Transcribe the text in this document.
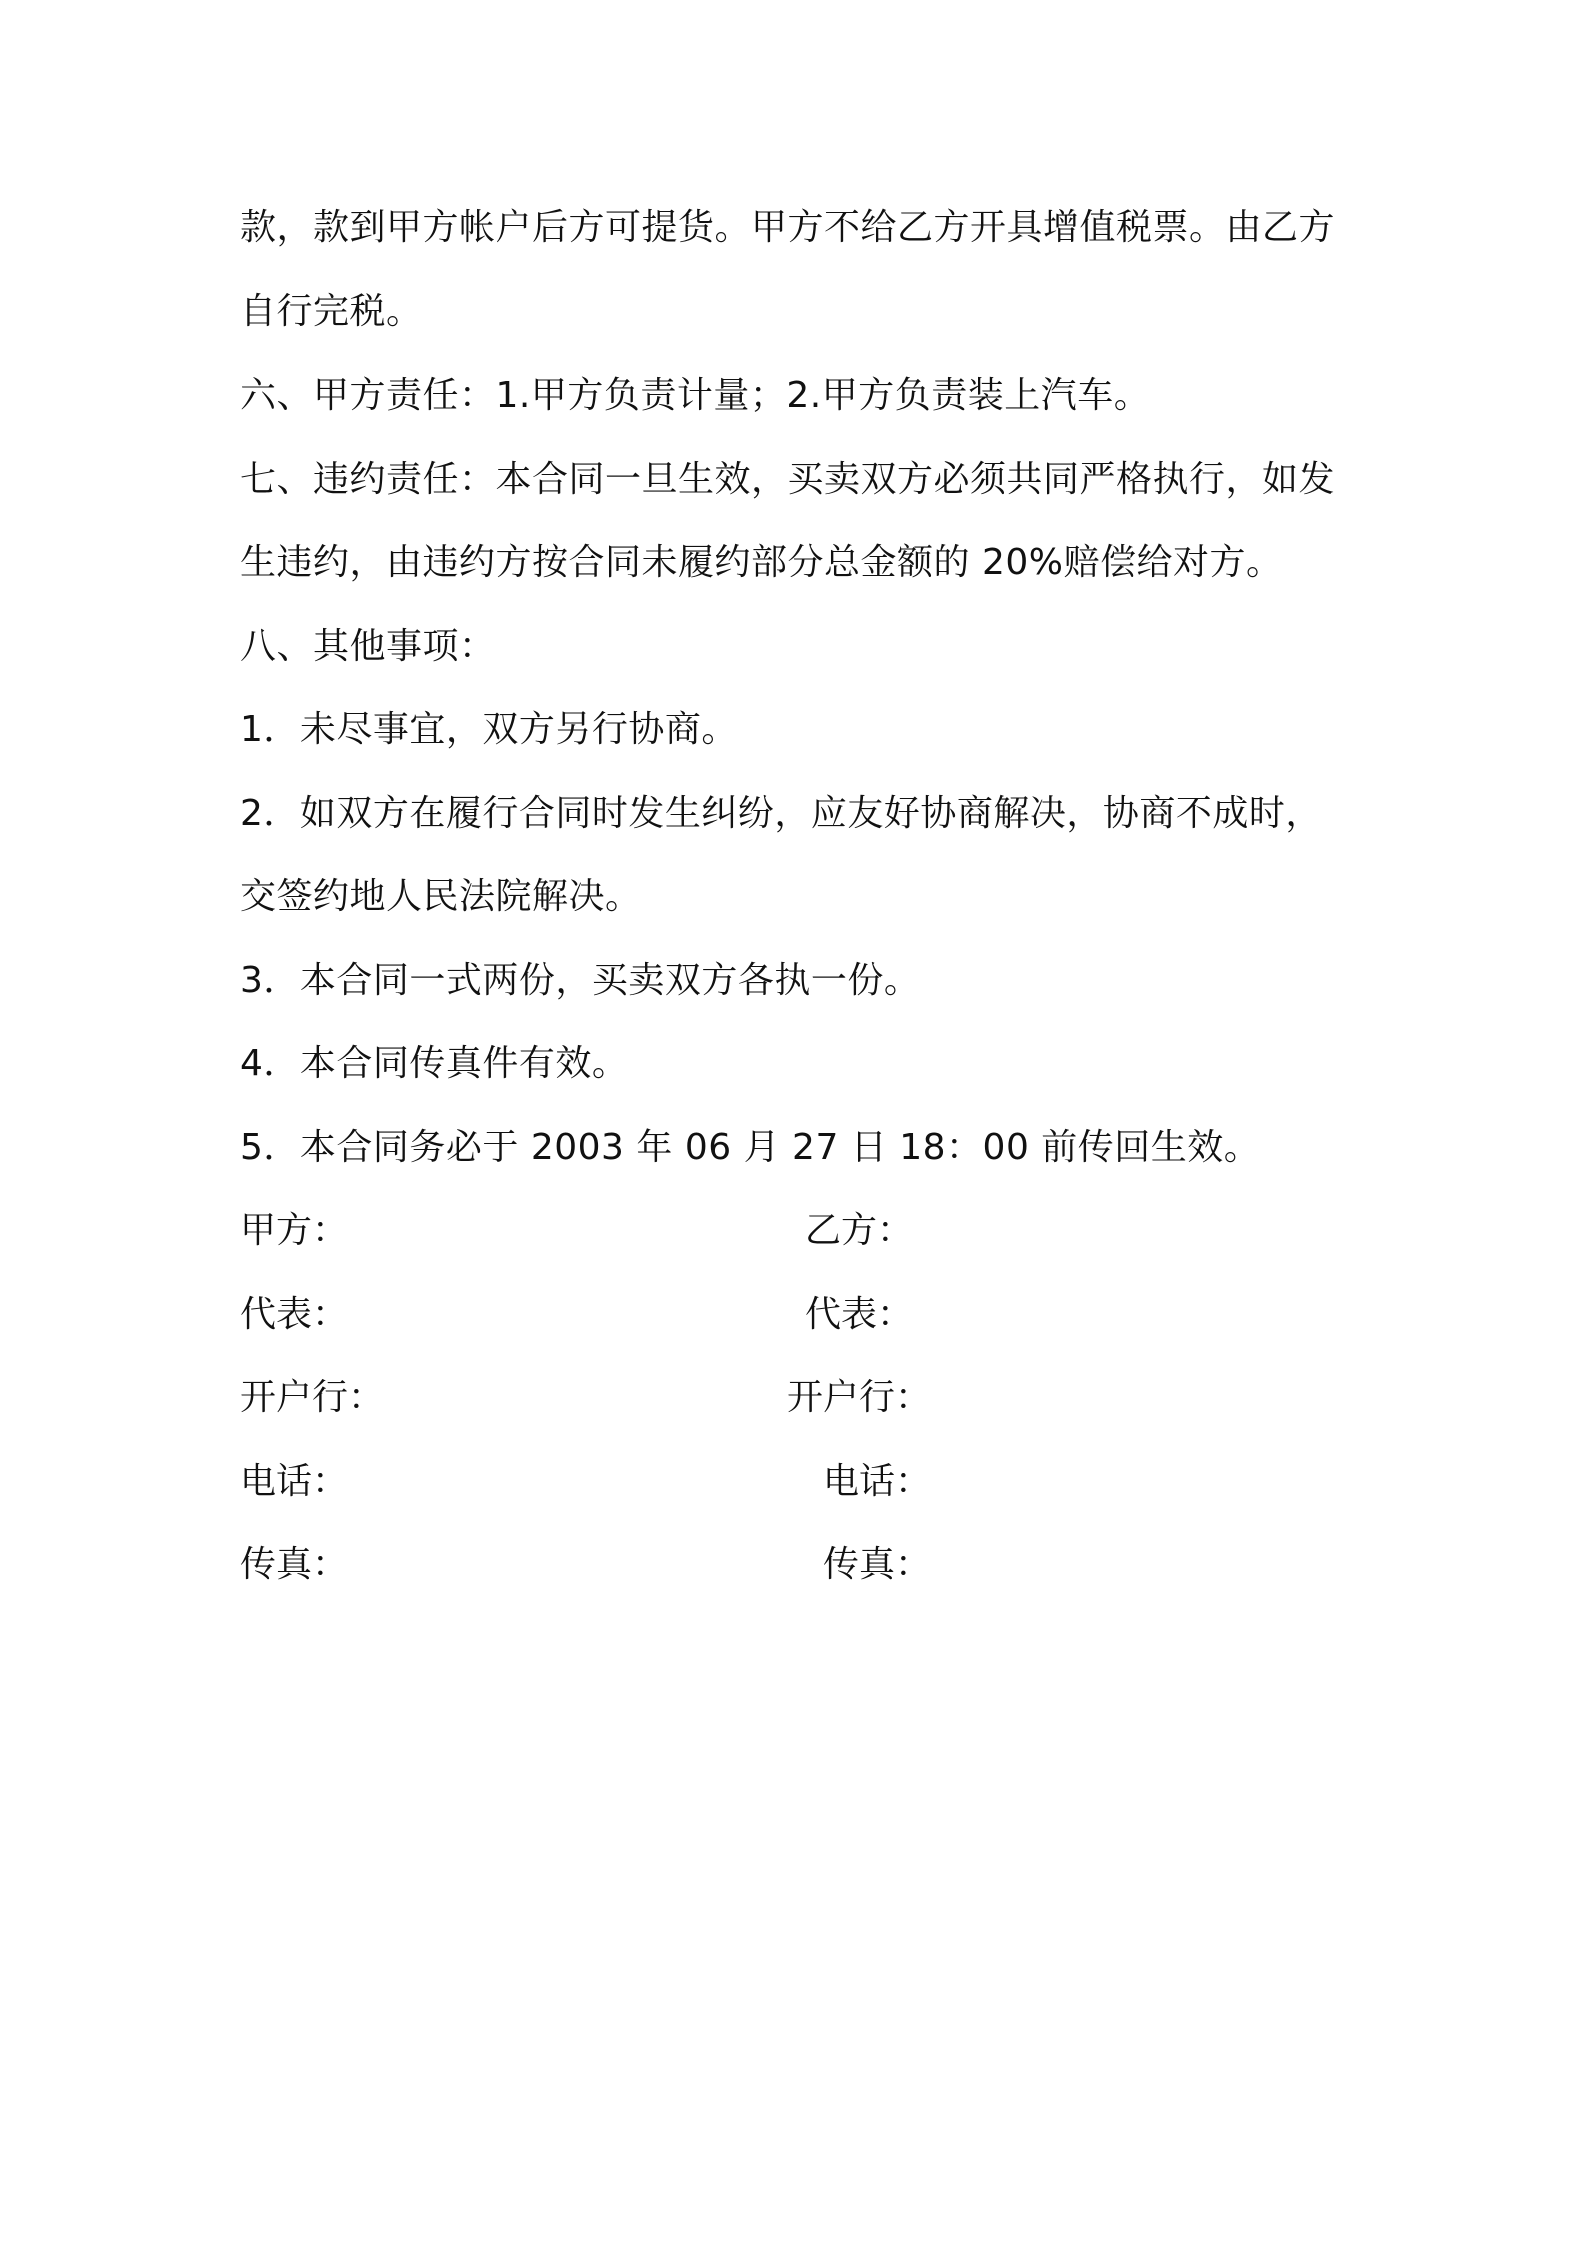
款，款到甲方帐户后方可提货。甲方不给乙方开具增值税票。由乙方
自行完税。
六、甲方责任：1.甲方负责计量；2.甲方负责装上汽车。
七、违约责任：本合同一旦生效，买卖双方必须共同严格执行，如发
生违约，由违约方按合同未履约部分总金额的 20%赔偿给对方。
八、其他事项：
1．未尽事宜，双方另行协商。
2．如双方在履行合同时发生纠纷，应友好协商解决，协商不成时，
交签约地人民法院解决。
3．本合同一式两份，买卖双方各执一份。
4．本合同传真件有效。
5．本合同务必于 2003 年 06 月 27 日 18：00 前传回生效。
甲方：	乙方：
代表：	代表：
开户行：	开户行：
电话：	电话：
传真：	传真：
